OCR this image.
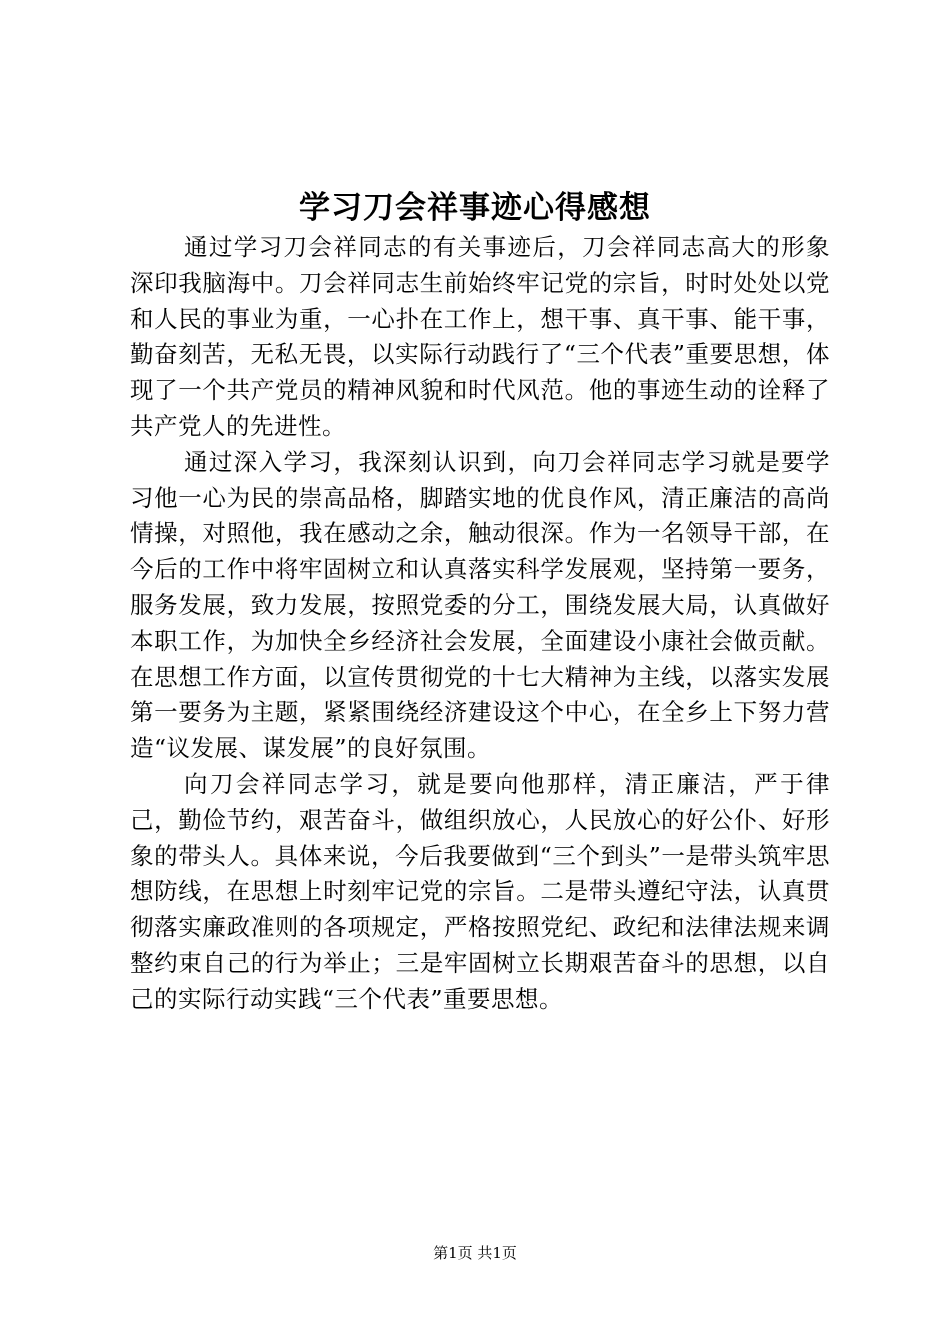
学习刀会祥事迹心得感想

通过学习刀会祥同志的有关事迹后，刀会祥同志高大的形象深印我脑海中。刀会祥同志生前始终牢记党的宗旨，时时处处以党和人民的事业为重，一心扑在工作上，想干事、真干事、能干事，勤奋刻苦，无私无畏，以实际行动践行了“三个代表”重要思想，体现了一个共产党员的精神风貌和时代风范。他的事迹生动的诠释了共产党人的先进性。

通过深入学习，我深刻认识到，向刀会祥同志学习就是要学习他一心为民的崇高品格，脚踏实地的优良作风，清正廉洁的高尚情操，对照他，我在感动之余，触动很深。作为一名领导干部，在今后的工作中将牢固树立和认真落实科学发展观，坚持第一要务，服务发展，致力发展，按照党委的分工，围绕发展大局，认真做好本职工作，为加快全乡经济社会发展，全面建设小康社会做贡献。在思想工作方面，以宣传贯彻党的十七大精神为主线，以落实发展第一要务为主题，紧紧围绕经济建设这个中心，在全乡上下努力营造“议发展、谋发展”的良好氛围。

向刀会祥同志学习，就是要向他那样，清正廉洁，严于律己，勤俭节约，艰苦奋斗，做组织放心，人民放心的好公仆、好形象的带头人。具体来说，今后我要做到“三个到头”一是带头筑牢思想防线，在思想上时刻牢记党的宗旨。二是带头遵纪守法，认真贯彻落实廉政准则的各项规定，严格按照党纪、政纪和法律法规来调整约束自己的行为举止；三是牢固树立长期艰苦奋斗的思想，以自己的实际行动实践“三个代表”重要思想。

第1页 共1页
